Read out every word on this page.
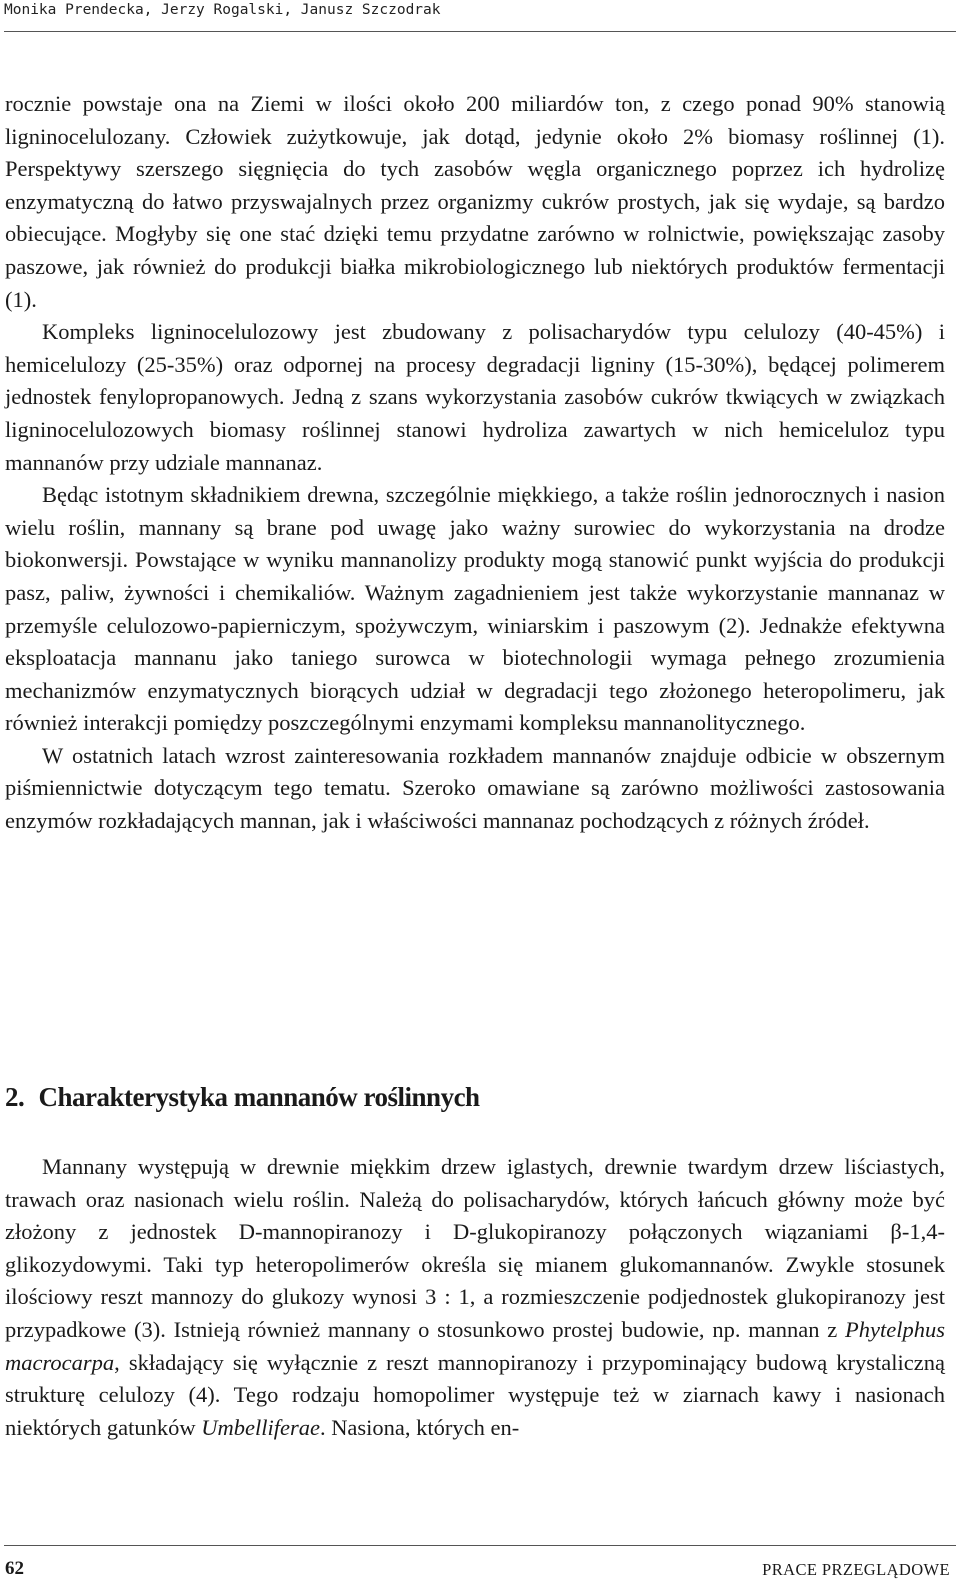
Monika Prendecka, Jerzy Rogalski, Janusz Szczodrak

rocznie powstaje ona na Ziemi w ilości około 200 miliardów ton, z czego ponad 90% stanowią ligninocelulozany. Człowiek zużytkowuje, jak dotąd, jedynie około 2% biomasy roślinnej (1). Perspektywy szerszego sięgnięcia do tych zasobów węgla organicznego poprzez ich hydrolizę enzymatyczną do łatwo przyswajalnych przez organizmy cukrów prostych, jak się wydaje, są bardzo obiecujące. Mogłyby się one stać dzięki temu przydatne zarówno w rolnictwie, powiększając zasoby paszowe, jak również do produkcji białka mikrobiologicznego lub niektórych produktów fermentacji (1).

Kompleks ligninocelulozowy jest zbudowany z polisacharydów typu celulozy (40-45%) i hemicelulozy (25-35%) oraz odpornej na procesy degradacji ligniny (15-30%), będącej polimerem jednostek fenylopropanowych. Jedną z szans wykorzystania zasobów cukrów tkwiących w związkach ligninocelulozowych biomasy roślinnej stanowi hydroliza zawartych w nich hemiceluloz typu mannanów przy udziale mannanaz.

Będąc istotnym składnikiem drewna, szczególnie miękkiego, a także roślin jednorocznych i nasion wielu roślin, mannany są brane pod uwagę jako ważny surowiec do wykorzystania na drodze biokonwersji. Powstające w wyniku mannanolizy produkty mogą stanowić punkt wyjścia do produkcji pasz, paliw, żywności i chemikaliów. Ważnym zagadnieniem jest także wykorzystanie mannanaz w przemyśle celulozowo-papierniczym, spożywczym, winiarskim i paszowym (2). Jednakże efektywna eksploatacja mannanu jako taniego surowca w biotechnologii wymaga pełnego zrozumienia mechanizmów enzymatycznych biorących udział w degradacji tego złożonego heteropolimeru, jak również interakcji pomiędzy poszczególnymi enzymami kompleksu mannanolitycznego.

W ostatnich latach wzrost zainteresowania rozkładem mannanów znajduje odbicie w obszernym piśmiennictwie dotyczącym tego tematu. Szeroko omawiane są zarówno możliwości zastosowania enzymów rozkładających mannan, jak i właściwości mannanaz pochodzących z różnych źródeł.

2. Charakterystyka mannanów roślinnych

Mannany występują w drewnie miękkim drzew iglastych, drewnie twardym drzew liściastych, trawach oraz nasionach wielu roślin. Należą do polisacharydów, których łańcuch główny może być złożony z jednostek D-mannopiranozy i D-glukopiranozy połączonych wiązaniami β-1,4-glikozydowymi. Taki typ heteropolimerów określa się mianem glukomannanów. Zwykle stosunek ilościowy reszt mannozy do glukozy wynosi 3 : 1, a rozmieszczenie podjednostek glukopiranozy jest przypadkowe (3). Istnieją również mannany o stosunkowo prostej budowie, np. mannan z Phytelphus macrocarpa, składający się wyłącznie z reszt mannopiranozy i przypominający budową krystaliczną strukturę celulozy (4). Tego rodzaju homopolimer występuje też w ziarnach kawy i nasionach niektórych gatunków Umbelliferae. Nasiona, których en-

62	PRACE PRZEGLĄDOWE
